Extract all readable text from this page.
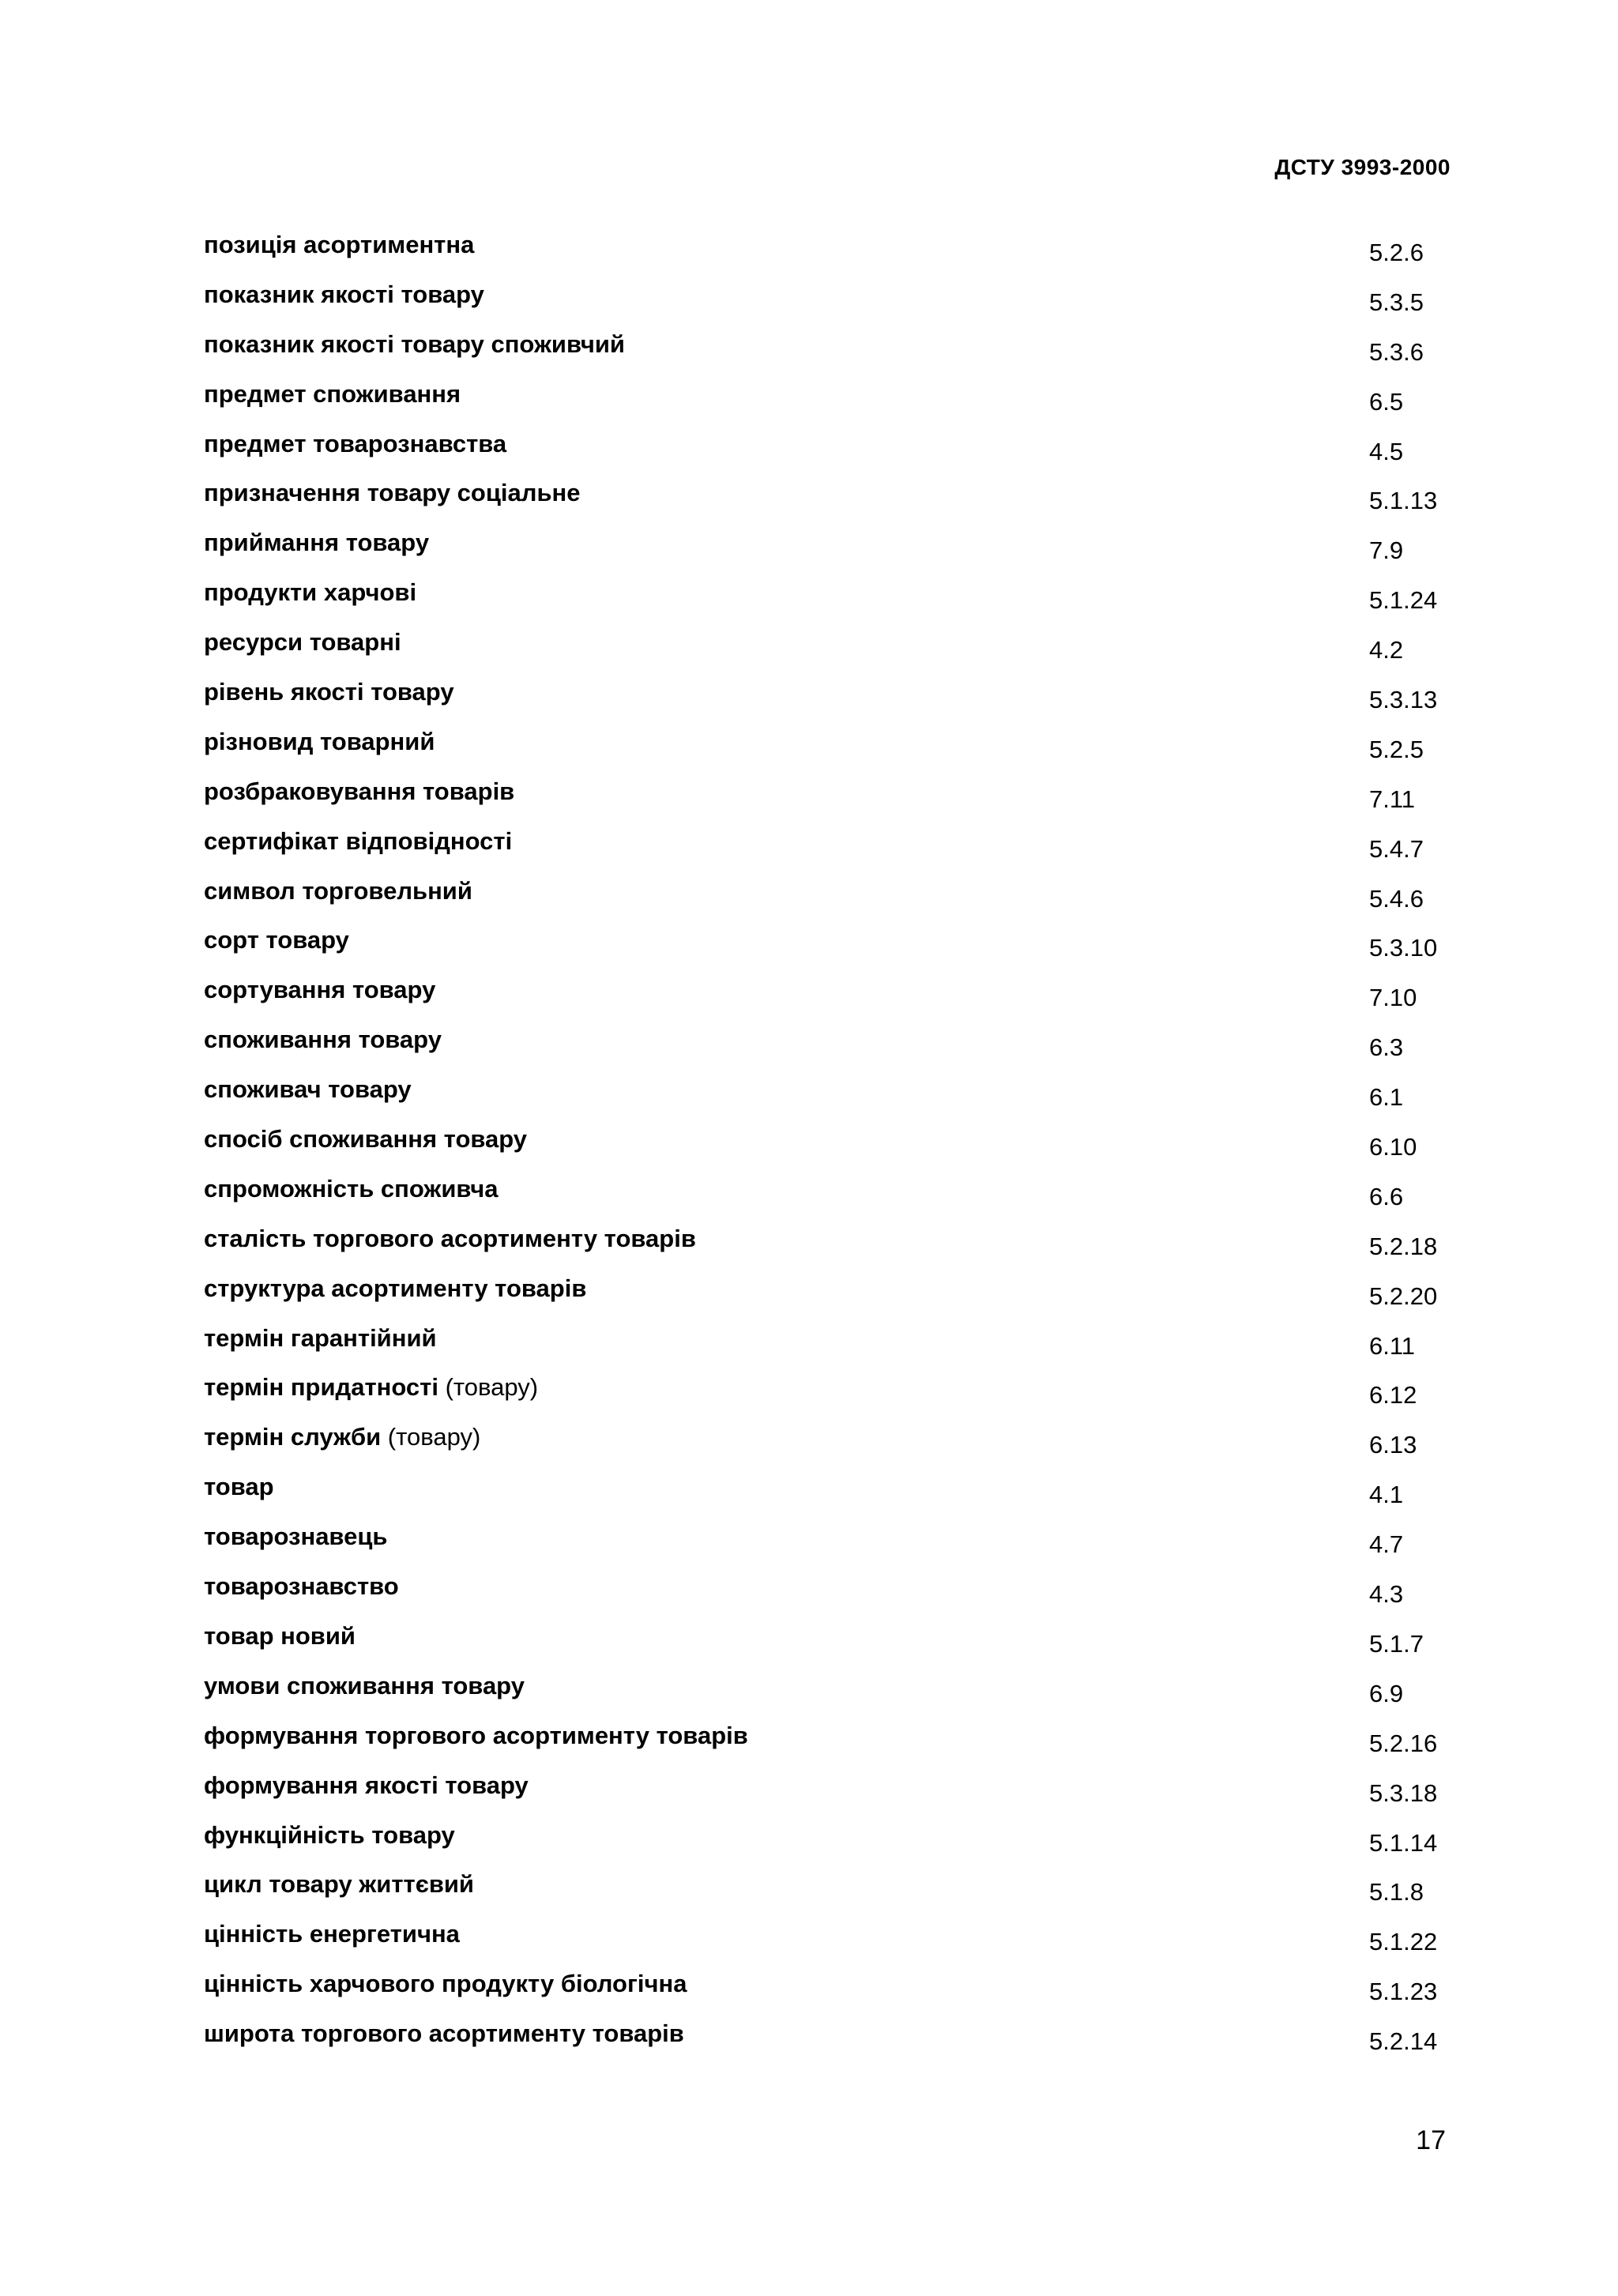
ДСТУ 3993-2000
позиція асортиментна	5.2.6
показник якості товару	5.3.5
показник якості товару споживчий	5.3.6
предмет споживання	6.5
предмет товарознавства	4.5
призначення товару соціальне	5.1.13
приймання товару	7.9
продукти харчові	5.1.24
ресурси товарні	4.2
рівень якості товару	5.3.13
різновид товарний	5.2.5
розбраковування товарів	7.11
сертифікат відповідності	5.4.7
символ торговельний	5.4.6
сорт товару	5.3.10
сортування товару	7.10
споживання товару	6.3
споживач товару	6.1
спосіб споживання товару	6.10
спроможність споживча	6.6
сталість торгового асортименту товарів	5.2.18
структура асортименту товарів	5.2.20
термін гарантійний	6.11
термін придатності (товару)	6.12
термін служби (товару)	6.13
товар	4.1
товарознавець	4.7
товарознавство	4.3
товар новий	5.1.7
умови споживання товару	6.9
формування торгового асортименту товарів	5.2.16
формування якості товару	5.3.18
функційність товару	5.1.14
цикл товару життєвий	5.1.8
цінність енергетична	5.1.22
цінність харчового продукту біологічна	5.1.23
широта торгового асортименту товарів	5.2.14
17
